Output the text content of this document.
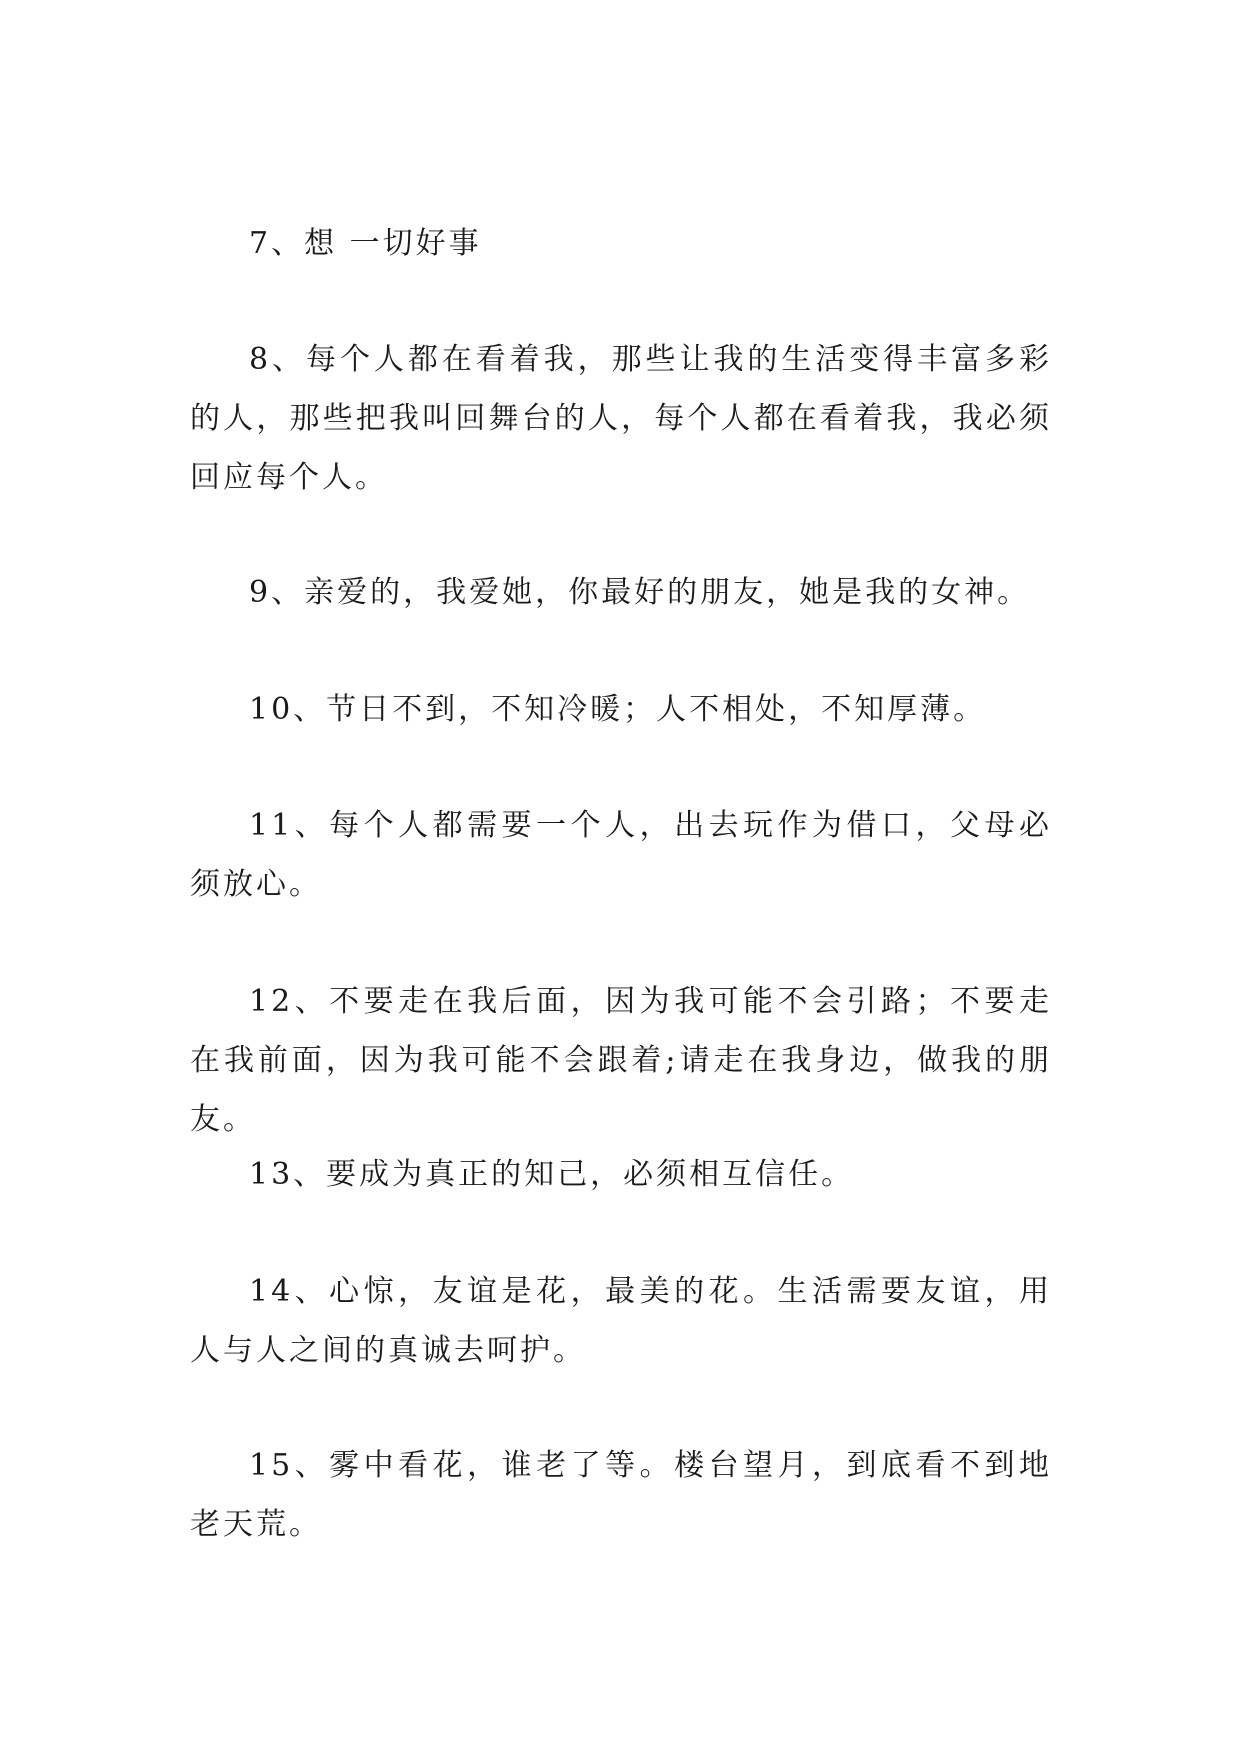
7、想 一切好事

8、每个人都在看着我，那些让我的生活变得丰富多彩的人，那些把我叫回舞台的人，每个人都在看着我，我必须回应每个人。

9、亲爱的，我爱她，你最好的朋友，她是我的女神。

10、节日不到，不知冷暖；人不相处，不知厚薄。

11、每个人都需要一个人，出去玩作为借口，父母必须放心。

12、不要走在我后面，因为我可能不会引路；不要走在我前面，因为我可能不会跟着;请走在我身边，做我的朋友。

13、要成为真正的知己，必须相互信任。

14、心惊，友谊是花，最美的花。生活需要友谊，用人与人之间的真诚去呵护。

15、雾中看花，谁老了等。楼台望月，到底看不到地老天荒。
